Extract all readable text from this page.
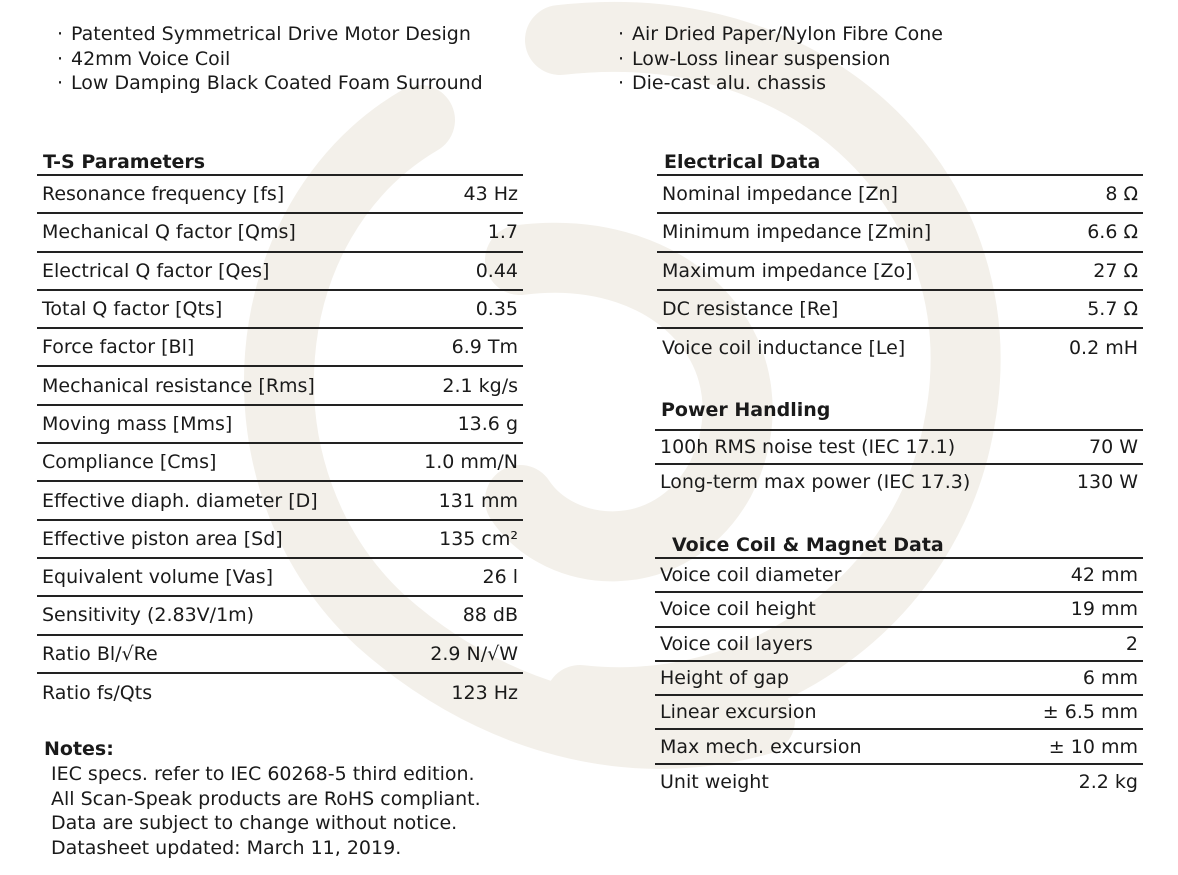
· Patented Symmetrical Drive Motor Design
· 42mm Voice Coil
· Low Damping Black Coated Foam Surround
· Air Dried Paper/Nylon Fibre Cone
· Low-Loss linear suspension
· Die-cast alu. chassis
T-S Parameters
Resonance frequency [fs]	43 Hz
Mechanical Q factor [Qms]	1.7
Electrical Q factor [Qes]	0.44
Total Q factor [Qts]	0.35
Force factor [Bl]	6.9 Tm
Mechanical resistance [Rms]	2.1 kg/s
Moving mass [Mms]	13.6 g
Compliance [Cms]	1.0 mm/N
Effective diaph. diameter [D]	131 mm
Effective piston area [Sd]	135 cm²
Equivalent volume [Vas]	26 l
Sensitivity (2.83V/1m)	88 dB
Ratio Bl/√Re	2.9 N/√W
Ratio fs/Qts	123 Hz
Notes:
IEC specs. refer to IEC 60268-5 third edition.
All Scan-Speak products are RoHS compliant.
Data are subject to change without notice.
Datasheet updated: March 11, 2019.
Electrical Data
Nominal impedance [Zn]	8 Ω
Minimum impedance [Zmin]	6.6 Ω
Maximum impedance [Zo]	27 Ω
DC resistance [Re]	5.7 Ω
Voice coil inductance [Le]	0.2 mH
Power Handling
100h RMS noise test (IEC 17.1)	70 W
Long-term max power (IEC 17.3)	130 W
Voice Coil & Magnet Data
Voice coil diameter	42 mm
Voice coil height	19 mm
Voice coil layers	2
Height of gap	6 mm
Linear excursion	± 6.5 mm
Max mech. excursion	± 10 mm
Unit weight	2.2 kg
